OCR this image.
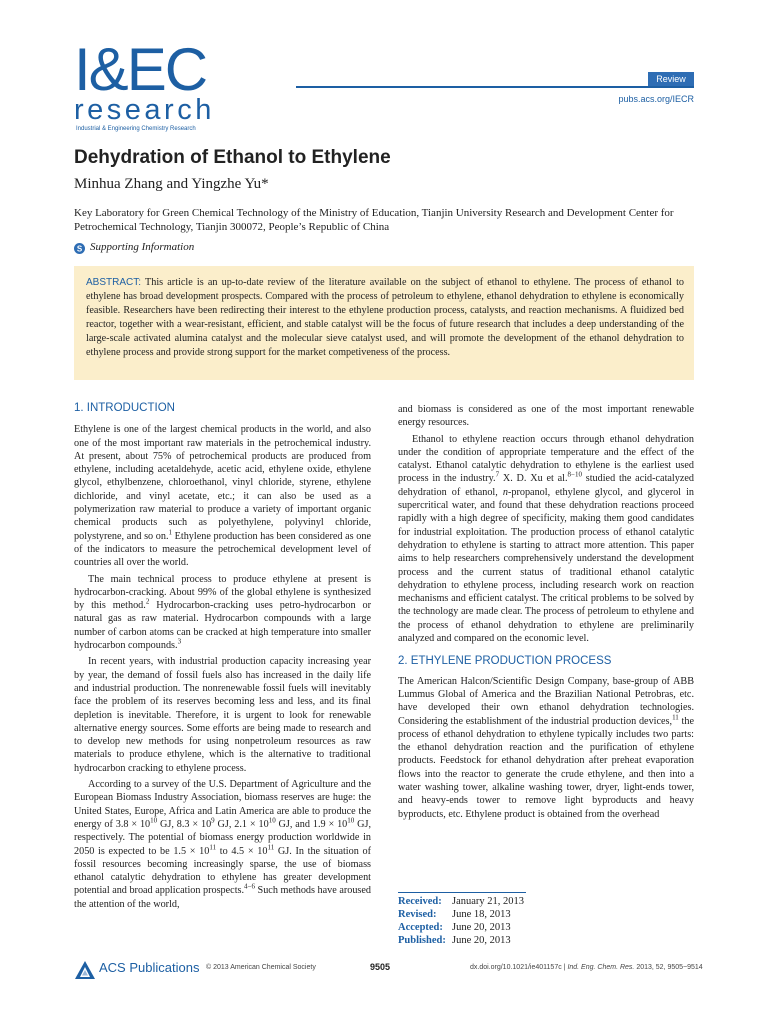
I&EC
research
Industrial & Engineering Chemistry Research
Review
pubs.acs.org/IECR
Dehydration of Ethanol to Ethylene
Minhua Zhang and Yingzhe Yu*
Key Laboratory for Green Chemical Technology of the Ministry of Education, Tianjin University Research and Development Center for Petrochemical Technology, Tianjin 300072, People’s Republic of China
S Supporting Information
ABSTRACT: This article is an up-to-date review of the literature available on the subject of ethanol to ethylene. The process of ethanol to ethylene has broad development prospects. Compared with the process of petroleum to ethylene, ethanol dehydration to ethylene is economically feasible. Researchers have been redirecting their interest to the ethylene production process, catalysts, and reaction mechanisms. A fluidized bed reactor, together with a wear-resistant, efficient, and stable catalyst will be the focus of future research that includes a deep understanding of the large-scale activated alumina catalyst and the molecular sieve catalyst used, and will promote the development of the ethanol dehydration to ethylene process and provide strong support for the market competiveness of the process.
1. INTRODUCTION

Ethylene is one of the largest chemical products in the world, and also one of the most important raw materials in the petrochemical industry. At present, about 75% of petrochemical products are produced from ethylene, including acetaldehyde, acetic acid, ethylene oxide, ethylene glycol, ethylbenzene, chloroethanol, vinyl chloride, styrene, ethylene dichloride, and vinyl acetate, etc.; it can also be used as a polymerization raw material to produce a variety of important organic chemical products such as polyethylene, polyvinyl chloride, polystyrene, and so on.$^1$ Ethylene production has been considered as one of the indicators to measure the petrochemical development level of countries all over the world.

The main technical process to produce ethylene at present is hydrocarbon-cracking. About 99% of the global ethylene is synthesized by this method.$^2$ Hydrocarbon-cracking uses petro-hydrocarbon or natural gas as raw material. Hydrocarbon compounds with a large number of carbon atoms can be cracked at high temperature into smaller hydrocarbon compounds.$^3$

In recent years, with industrial production capacity increasing year by year, the demand of fossil fuels also has increased in the daily life and industrial production. The nonrenewable fossil fuels will inevitably face the problem of its reserves becoming less and less, and its final depletion is inevitable. Therefore, it is urgent to look for renewable alternative energy sources. Some efforts are being made to research and to develop new methods for using nonpetroleum resources as raw materials to produce ethylene, which is the alternative to traditional hydrocarbon cracking to ethylene process.

According to a survey of the U.S. Department of Agriculture and the European Biomass Industry Association, biomass reserves are huge: the United States, Europe, Africa and Latin America are able to produce the energy of $3.8 \times 10^{10}$ GJ, $8.3 \times 10^9$ GJ, $2.1 \times 10^{10}$ GJ, and $1.9 \times 10^{10}$ GJ, respectively. The potential of biomass energy production worldwide in 2050 is expected to be $1.5 \times 10^{11}$ to $4.5 \times 10^{11}$ GJ. In the situation of fossil resources becoming increasingly sparse, the use of biomass ethanol catalytic dehydration to ethylene has greater development potential and broad application prospects.$^{4-6}$ Such methods have aroused the attention of the world,

and biomass is considered as one of the most important renewable energy resources.

Ethanol to ethylene reaction occurs through ethanol dehydration under the condition of appropriate temperature and the effect of the catalyst. Ethanol catalytic dehydration to ethylene is the earliest used process in the industry.$^7$ X. D. Xu et al.$^{8-10}$ studied the acid-catalyzed dehydration of ethanol, n-propanol, ethylene glycol, and glycerol in supercritical water, and found that these dehydration reactions proceed rapidly with a high degree of specificity, making them good candidates for industrial exploitation. The production process of ethanol catalytic dehydration to ethylene is starting to attract more attention. This paper aims to help researchers comprehensively understand the development process and the current status of traditional ethanol catalytic dehydration to ethylene process, including research work on reaction mechanisms and efficient catalyst. The critical problems to be solved by the technology are made clear. The process of petroleum to ethylene and the process of ethanol dehydration to ethylene are preliminarily analyzed and compared on the economic level.

2. ETHYLENE PRODUCTION PROCESS

The American Halcon/Scientific Design Company, base-group of ABB Lummus Global of America and the Brazilian National Petrobras, etc. have developed their own ethanol dehydration technologies. Considering the establishment of the industrial production devices,$^{11}$ the process of ethanol dehydration to ethylene typically includes two parts: the ethanol dehydration reaction and the purification of ethylene products. Feedstock for ethanol dehydration after preheat evaporation flows into the reactor to generate the crude ethylene, and then into a water washing tower, alkaline washing tower, dryer, light-ends tower, and heavy-ends tower to remove light byproducts and heavy byproducts, etc. Ethylene product is obtained from the overhead

Received: January 21, 2013
Revised: June 18, 2013
Accepted: June 20, 2013
Published: June 20, 2013
ACS Publications © 2013 American Chemical Society	9505	dx.doi.org/10.1021/ie401157c | Ind. Eng. Chem. Res. 2013, 52, 9505−9514
